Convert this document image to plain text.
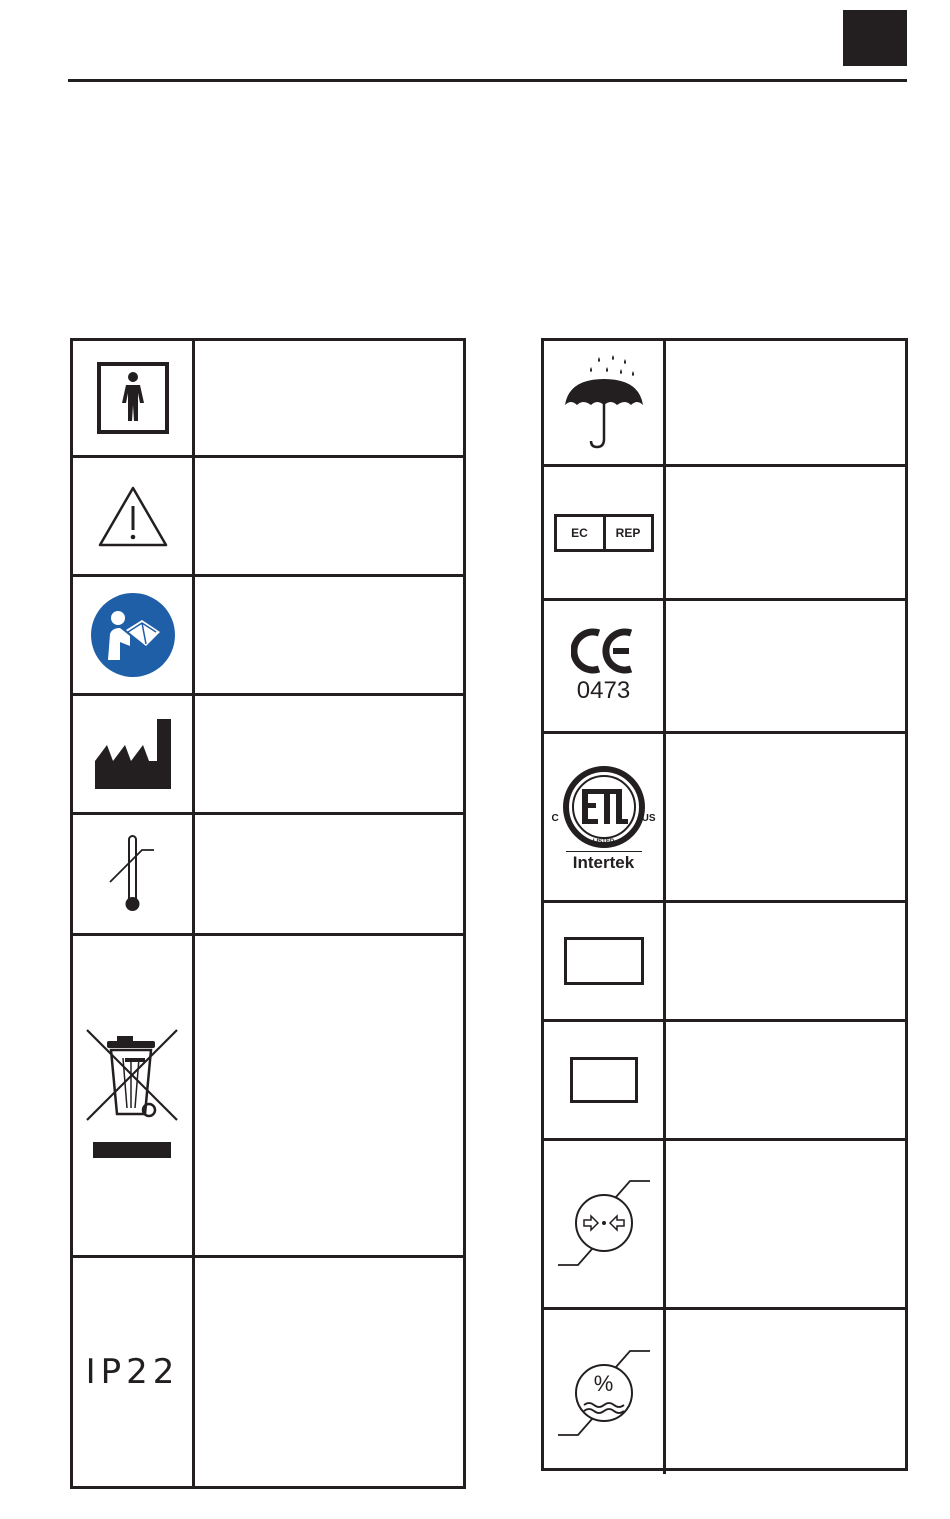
IP22
EC	REP
0473
C	US
LISTED
Intertek
%
